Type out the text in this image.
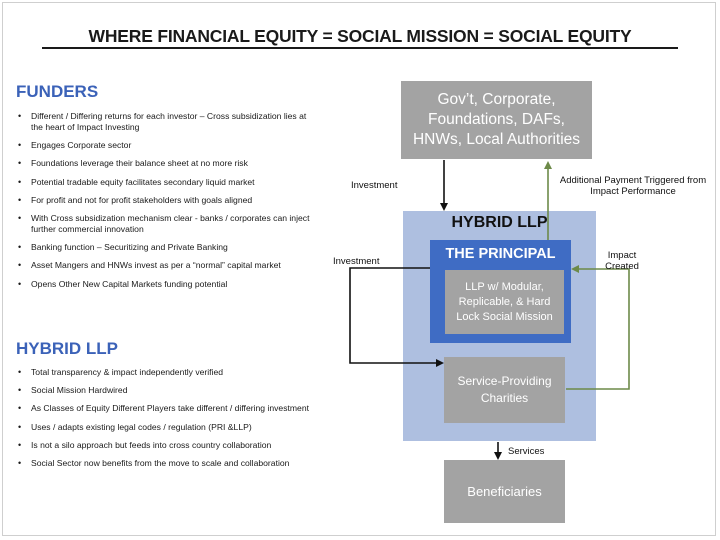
WHERE FINANCIAL EQUITY = SOCIAL MISSION = SOCIAL EQUITY
FUNDERS
• Different / Differing returns for each investor – Cross subsidization lies at the heart of Impact Investing
• Engages Corporate sector
• Foundations leverage their balance sheet at no more risk
• Potential tradable equity facilitates secondary liquid market
• For profit and not for profit stakeholders with goals aligned
• With Cross subsidization mechanism clear - banks / corporates can inject further commercial innovation
• Banking function – Securitizing and Private Banking
• Asset Mangers and HNWs invest as per a “normal” capital market
• Opens Other New Capital Markets funding potential
HYBRID LLP
• Total transparency & impact independently verified
• Social Mission Hardwired
• As Classes of Equity Different Players take different / differing investment
• Uses / adapts existing legal codes / regulation (PRI &LLP)
• Is not a silo approach but feeds into cross country collaboration
• Social Sector now benefits from the move to scale and collaboration
Gov’t, Corporate, Foundations, DAFs, HNWs, Local Authorities
HYBRID LLP
THE PRINCIPAL
LLP w/ Modular, Replicable, & Hard Lock Social Mission
Service-Providing Charities
Beneficiaries
Investment
Investment
Additional Payment Triggered from Impact Performance
Impact Created
Services
